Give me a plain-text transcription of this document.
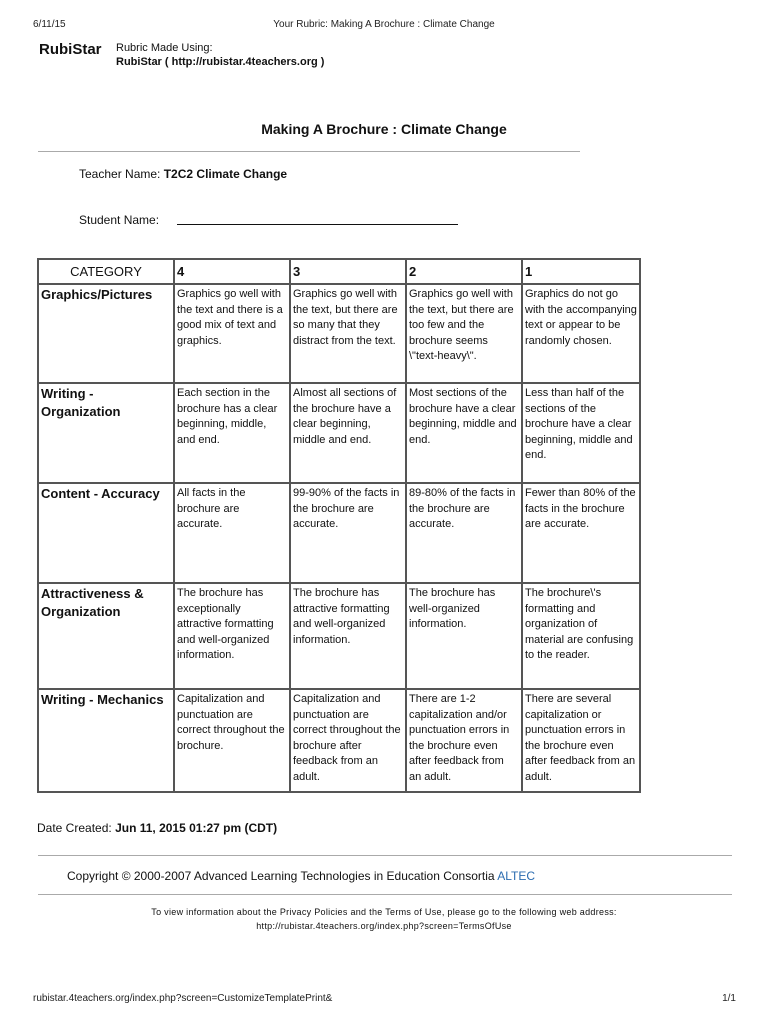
6/11/15	Your Rubric: Making A Brochure : Climate Change
RubiStar Rubric Made Using:
RubiStar ( http://rubistar.4teachers.org )
Making A Brochure : Climate Change
Teacher Name: T2C2 Climate Change
Student Name:
CATEGORY	4	3	2	1
Graphics/Pictures	Graphics go well with the text and there is a good mix of text and graphics.	Graphics go well with the text, but there are so many that they distract from the text.	Graphics go well with the text, but there are too few and the brochure seems \"text-heavy\".	Graphics do not go with the accompanying text or appear to be randomly chosen.
Writing - Organization	Each section in the brochure has a clear beginning, middle, and end.	Almost all sections of the brochure have a clear beginning, middle and end.	Most sections of the brochure have a clear beginning, middle and end.	Less than half of the sections of the brochure have a clear beginning, middle and end.
Content - Accuracy	All facts in the brochure are accurate.	99-90% of the facts in the brochure are accurate.	89-80% of the facts in the brochure are accurate.	Fewer than 80% of the facts in the brochure are accurate.
Attractiveness & Organization	The brochure has exceptionally attractive formatting and well-organized information.	The brochure has attractive formatting and well-organized information.	The brochure has well-organized information.	The brochure\'s formatting and organization of material are confusing to the reader.
Writing - Mechanics	Capitalization and punctuation are correct throughout the brochure.	Capitalization and punctuation are correct throughout the brochure after feedback from an adult.	There are 1-2 capitalization and/or punctuation errors in the brochure even after feedback from an adult.	There are several capitalization or punctuation errors in the brochure even after feedback from an adult.
Date Created: Jun 11, 2015 01:27 pm (CDT)
Copyright © 2000-2007 Advanced Learning Technologies in Education Consortia ALTEC
To view information about the Privacy Policies and the Terms of Use, please go to the following web address:
http://rubistar.4teachers.org/index.php?screen=TermsOfUse
rubistar.4teachers.org/index.php?screen=CustomizeTemplatePrint&	1/1
